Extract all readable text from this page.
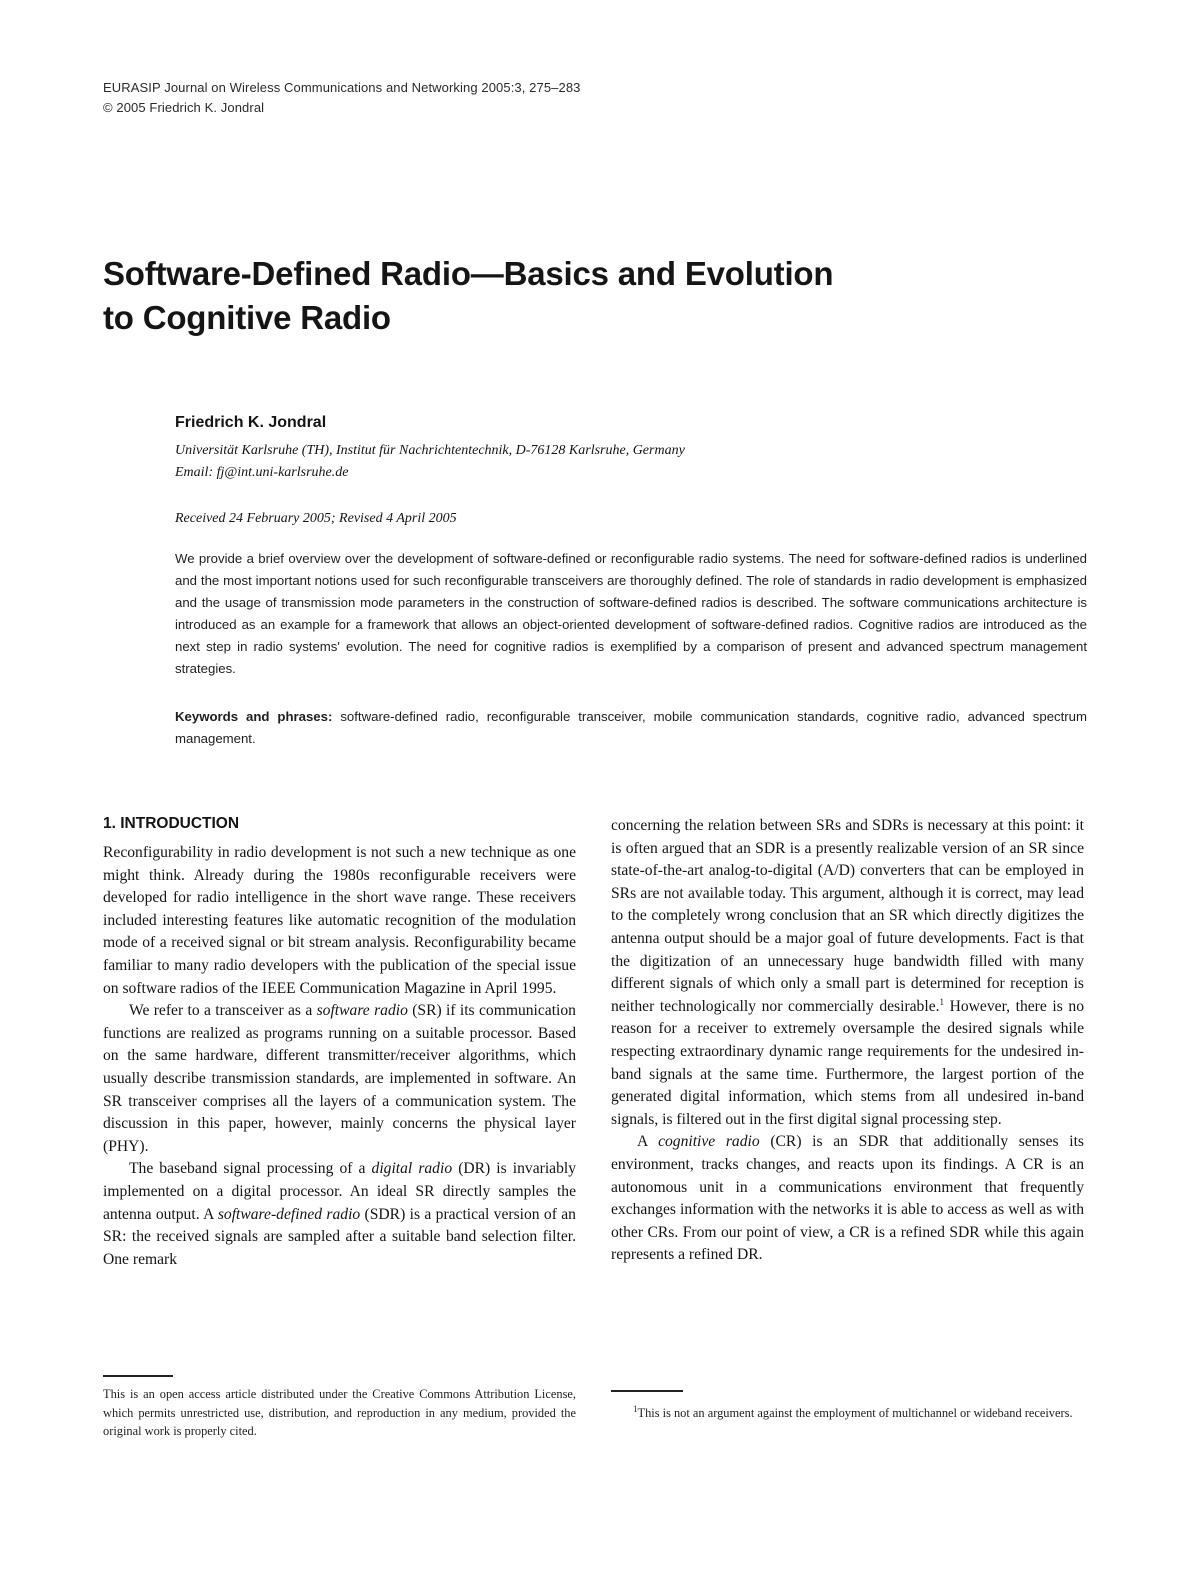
EURASIP Journal on Wireless Communications and Networking 2005:3, 275–283
© 2005 Friedrich K. Jondral
Software-Defined Radio—Basics and Evolution
to Cognitive Radio
Friedrich K. Jondral
Universität Karlsruhe (TH), Institut für Nachrichtentechnik, D-76128 Karlsruhe, Germany
Email: fj@int.uni-karlsruhe.de
Received 24 February 2005; Revised 4 April 2005
We provide a brief overview over the development of software-defined or reconfigurable radio systems. The need for software-defined radios is underlined and the most important notions used for such reconfigurable transceivers are thoroughly defined. The role of standards in radio development is emphasized and the usage of transmission mode parameters in the construction of software-defined radios is described. The software communications architecture is introduced as an example for a framework that allows an object-oriented development of software-defined radios. Cognitive radios are introduced as the next step in radio systems' evolution. The need for cognitive radios is exemplified by a comparison of present and advanced spectrum management strategies.
Keywords and phrases: software-defined radio, reconfigurable transceiver, mobile communication standards, cognitive radio, advanced spectrum management.
1. INTRODUCTION

Reconfigurability in radio development is not such a new technique as one might think. Already during the 1980s reconfigurable receivers were developed for radio intelligence in the short wave range. These receivers included interesting features like automatic recognition of the modulation mode of a received signal or bit stream analysis. Reconfigurability became familiar to many radio developers with the publication of the special issue on software radios of the IEEE Communication Magazine in April 1995.

We refer to a transceiver as a software radio (SR) if its communication functions are realized as programs running on a suitable processor. Based on the same hardware, different transmitter/receiver algorithms, which usually describe transmission standards, are implemented in software. An SR transceiver comprises all the layers of a communication system. The discussion in this paper, however, mainly concerns the physical layer (PHY).

The baseband signal processing of a digital radio (DR) is invariably implemented on a digital processor. An ideal SR directly samples the antenna output. A software-defined radio (SDR) is a practical version of an SR: the received signals are sampled after a suitable band selection filter. One remark

concerning the relation between SRs and SDRs is necessary at this point: it is often argued that an SDR is a presently realizable version of an SR since state-of-the-art analog-to-digital (A/D) converters that can be employed in SRs are not available today. This argument, although it is correct, may lead to the completely wrong conclusion that an SR which directly digitizes the antenna output should be a major goal of future developments. Fact is that the digitization of an unnecessary huge bandwidth filled with many different signals of which only a small part is determined for reception is neither technologically nor commercially desirable.$^1$ However, there is no reason for a receiver to extremely oversample the desired signals while respecting extraordinary dynamic range requirements for the undesired in-band signals at the same time. Furthermore, the largest portion of the generated digital information, which stems from all undesired in-band signals, is filtered out in the first digital signal processing step.

A cognitive radio (CR) is an SDR that additionally senses its environment, tracks changes, and reacts upon its findings. A CR is an autonomous unit in a communications environment that frequently exchanges information with the networks it is able to access as well as with other CRs. From our point of view, a CR is a refined SDR while this again represents a refined DR.

This is an open access article distributed under the Creative Commons Attribution License, which permits unrestricted use, distribution, and reproduction in any medium, provided the original work is properly cited.
$^1$This is not an argument against the employment of multichannel or wideband receivers.
